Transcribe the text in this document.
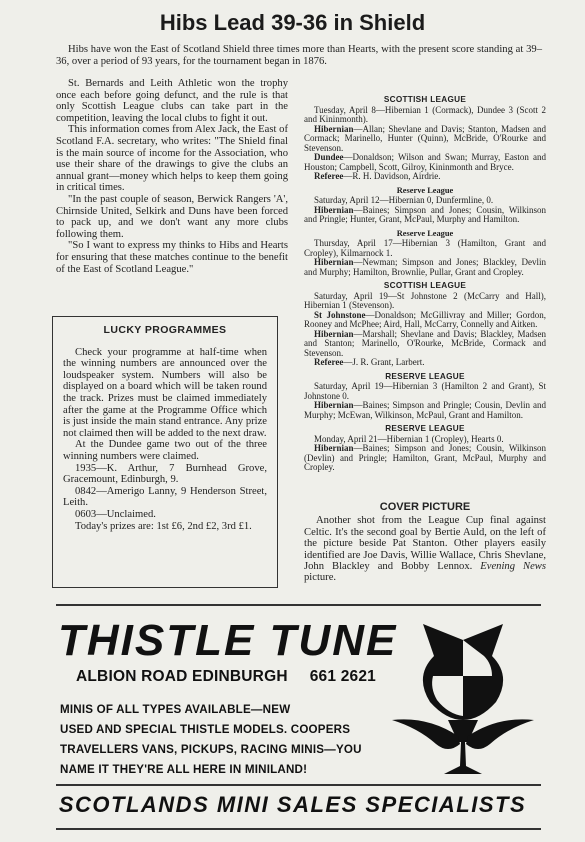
Hibs Lead 39-36 in Shield
Hibs have won the East of Scotland Shield three times more than Hearts, with the present score standing at 39–36, over a period of 93 years, for the tournament began in 1876.

St. Bernards and Leith Athletic won the trophy once each before going defunct, and the rule is that only Scottish League clubs can take part in the competition, leaving the local clubs to fight it out.

This information comes from Alex Jack, the East of Scotland F.A. secretary, who writes: "The Shield final is the main source of income for the Association, who use their share of the drawings to give the clubs an annual grant—money which helps to keep them going in critical times.

"In the past couple of season, Berwick Rangers 'A', Chirnside United, Selkirk and Duns have been forced to pack up, and we don't want any more clubs following them.

"So I want to express my thinks to Hibs and Hearts for ensuring that these matches continue to the benefit of the East of Scotland League."

LUCKY PROGRAMMES

Check your programme at half-time when the winning numbers are announced over the loudspeaker system. Numbers will also be displayed on a board which will be taken round the track. Prizes must be claimed immediately after the game at the Programme Office which is just inside the main stand entrance. Any prize not claimed then will be added to the next draw.

At the Dundee game two out of the three winning numbers were claimed.

1935—K. Arthur, 7 Burnhead Grove, Gracemount, Edinburgh, 9.

0842—Amerigo Lanny, 9 Henderson Street, Leith.

0603—Unclaimed.

Today's prizes are: 1st £6, 2nd £2, 3rd £1.

SCOTTISH LEAGUE

Tuesday, April 8—Hibernian 1 (Cormack), Dundee 3 (Scott 2 and Kininmonth).

Hibernian—Allan; Shevlane and Davis; Stanton, Madsen and Cormack; Marinello, Hunter (Quinn), McBride, O'Rourke and Stevenson.

Dundee—Donaldson; Wilson and Swan; Murray, Easton and Houston; Campbell, Scott, Gilroy, Kininmonth and Bryce.

Referee—R. H. Davidson, Airdrie.

Reserve League

Saturday, April 12—Hibernian 0, Dunfermline, 0.

Hibernian—Baines; Simpson and Jones; Cousin, Wilkinson and Pringle; Hunter, Grant, McPaul, Murphy and Hamilton.

Reserve League

Thursday, April 17—Hibernian 3 (Hamilton, Grant and Cropley), Kilmarnock 1.

Hibernian—Newman; Simpson and Jones; Blackley, Devlin and Murphy; Hamilton, Brownlie, Pullar, Grant and Cropley.

SCOTTISH LEAGUE

Saturday, April 19—St Johnstone 2 (McCarry and Hall), Hibernian 1 (Stevenson).

St Johnstone—Donaldson; McGillivray and Miller; Gordon, Rooney and McPhee; Aird, Hall, McCarry, Connelly and Aitken.

Hibernian—Marshall; Shevlane and Davis; Blackley, Madsen and Stanton; Marinello, O'Rourke, McBride, Cormack and Stevenson.

Referee—J. R. Grant, Larbert.

RESERVE LEAGUE

Saturday, April 19—Hibernian 3 (Hamilton 2 and Grant), St Johnstone 0.

Hibernian—Baines; Simpson and Pringle; Cousin, Devlin and Murphy; McEwan, Wilkinson, McPaul, Grant and Hamilton.

RESERVE LEAGUE

Monday, April 21—Hibernian 1 (Cropley), Hearts 0.

Hibernian—Baines; Simpson and Jones; Cousin, Wilkinson (Devlin) and Pringle; Hamilton, Grant, McPaul, Murphy and Cropley.

COVER PICTURE

Another shot from the League Cup final against Celtic. It's the second goal by Bertie Auld, on the left of the picture beside Pat Stanton. Other players easily identified are Joe Davis, Willie Wallace, Chris Shevlane, John Blackley and Bobby Lennox. Evening News picture.

THISTLE TUNE
ALBION ROAD EDINBURGH 661 2621
MINIS OF ALL TYPES AVAILABLE—NEW
USED AND SPECIAL THISTLE MODELS. COOPERS
TRAVELLERS VANS, PICKUPS, RACING MINIS—YOU
NAME IT THEY'RE ALL HERE IN MINILAND!
SCOTLANDS MINI SALES SPECIALISTS
